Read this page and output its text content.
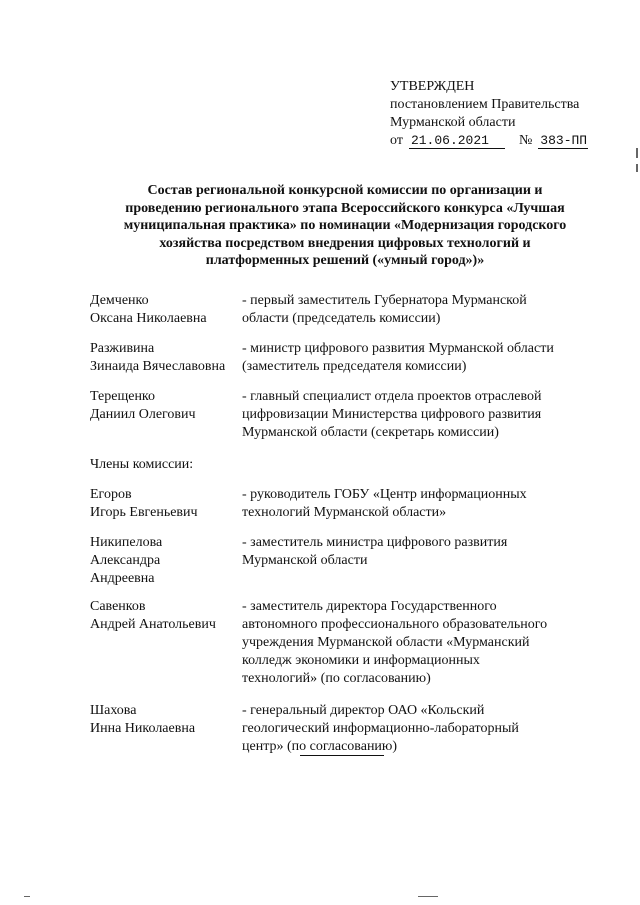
УТВЕРЖДЕН
постановлением Правительства
Мурманской области
от 21.06.2021 № 383-ПП
Состав региональной конкурсной комиссии по организации и
проведению регионального этапа Всероссийского конкурса «Лучшая
муниципальная практика» по номинации «Модернизация городского
хозяйства посредством внедрения цифровых технологий и
платформенных решений («умный город»)»
Демченко
Оксана Николаевна
- первый заместитель Губернатора Мурманской
области (председатель комиссии)
Разживина
Зинаида Вячеславовна
- министр цифрового развития Мурманской области
(заместитель председателя комиссии)
Терещенко
Даниил Олегович
- главный специалист отдела проектов отраслевой
цифровизации Министерства цифрового развития
Мурманской области (секретарь комиссии)
Члены комиссии:
Егоров
Игорь Евгеньевич
- руководитель ГОБУ «Центр информационных
технологий Мурманской области»
Никипелова
Александра
Андреевна
- заместитель министра цифрового развития
Мурманской области
Савенков
Андрей Анатольевич
- заместитель директора Государственного
автономного профессионального образовательного
учреждения Мурманской области «Мурманский
колледж экономики и информационных
технологий» (по согласованию)
Шахова
Инна Николаевна
- генеральный директор ОАО «Кольский
геологический информационно-лабораторный
центр» (по согласованию)
